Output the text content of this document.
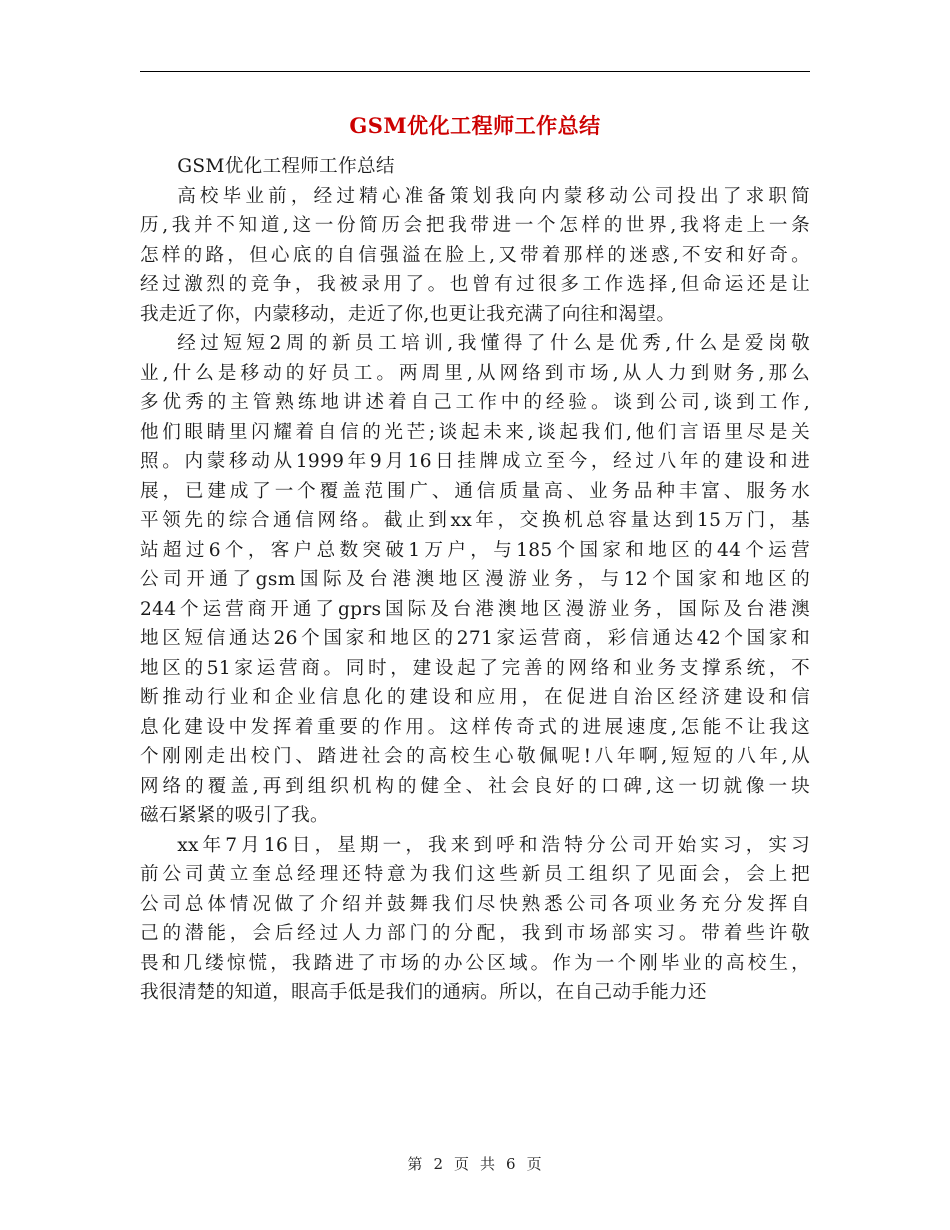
GSM优化工程师工作总结

GSM优化工程师工作总结

高校毕业前，经过精心准备策划我向内蒙移动公司投出了求职简
历,我并不知道,这一份简历会把我带进一个怎样的世界,我将走上一条
怎样的路，但心底的自信强溢在脸上,又带着那样的迷惑,不安和好奇。
经过激烈的竞争，我被录用了。也曾有过很多工作选择,但命运还是让
我走近了你，内蒙移动，走近了你,也更让我充满了向往和渴望。

经过短短2周的新员工培训,我懂得了什么是优秀,什么是爱岗敬
业,什么是移动的好员工。两周里,从网络到市场,从人力到财务,那么
多优秀的主管熟练地讲述着自己工作中的经验。谈到公司,谈到工作,
他们眼睛里闪耀着自信的光芒;谈起未来,谈起我们,他们言语里尽是关
照。内蒙移动从1999年9月16日挂牌成立至今，经过八年的建设和进
展，已建成了一个覆盖范围广、通信质量高、业务品种丰富、服务水
平领先的综合通信网络。截止到xx年，交换机总容量达到15万门，基
站超过6个，客户总数突破1万户，与185个国家和地区的44个运营
公司开通了gsm国际及台港澳地区漫游业务，与12个国家和地区的
244个运营商开通了gprs国际及台港澳地区漫游业务，国际及台港澳
地区短信通达26个国家和地区的271家运营商，彩信通达42个国家和
地区的51家运营商。同时，建设起了完善的网络和业务支撑系统，不
断推动行业和企业信息化的建设和应用，在促进自治区经济建设和信
息化建设中发挥着重要的作用。这样传奇式的进展速度,怎能不让我这
个刚刚走出校门、踏进社会的高校生心敬佩呢!八年啊,短短的八年,从
网络的覆盖,再到组织机构的健全、社会良好的口碑,这一切就像一块
磁石紧紧的吸引了我。

xx年7月16日，星期一，我来到呼和浩特分公司开始实习，实习
前公司黄立奎总经理还特意为我们这些新员工组织了见面会，会上把
公司总体情况做了介绍并鼓舞我们尽快熟悉公司各项业务充分发挥自
己的潜能，会后经过人力部门的分配，我到市场部实习。带着些许敬
畏和几缕惊慌，我踏进了市场的办公区域。作为一个刚毕业的高校生，
我很清楚的知道，眼高手低是我们的通病。所以，在自己动手能力还

第 2 页 共 6 页
